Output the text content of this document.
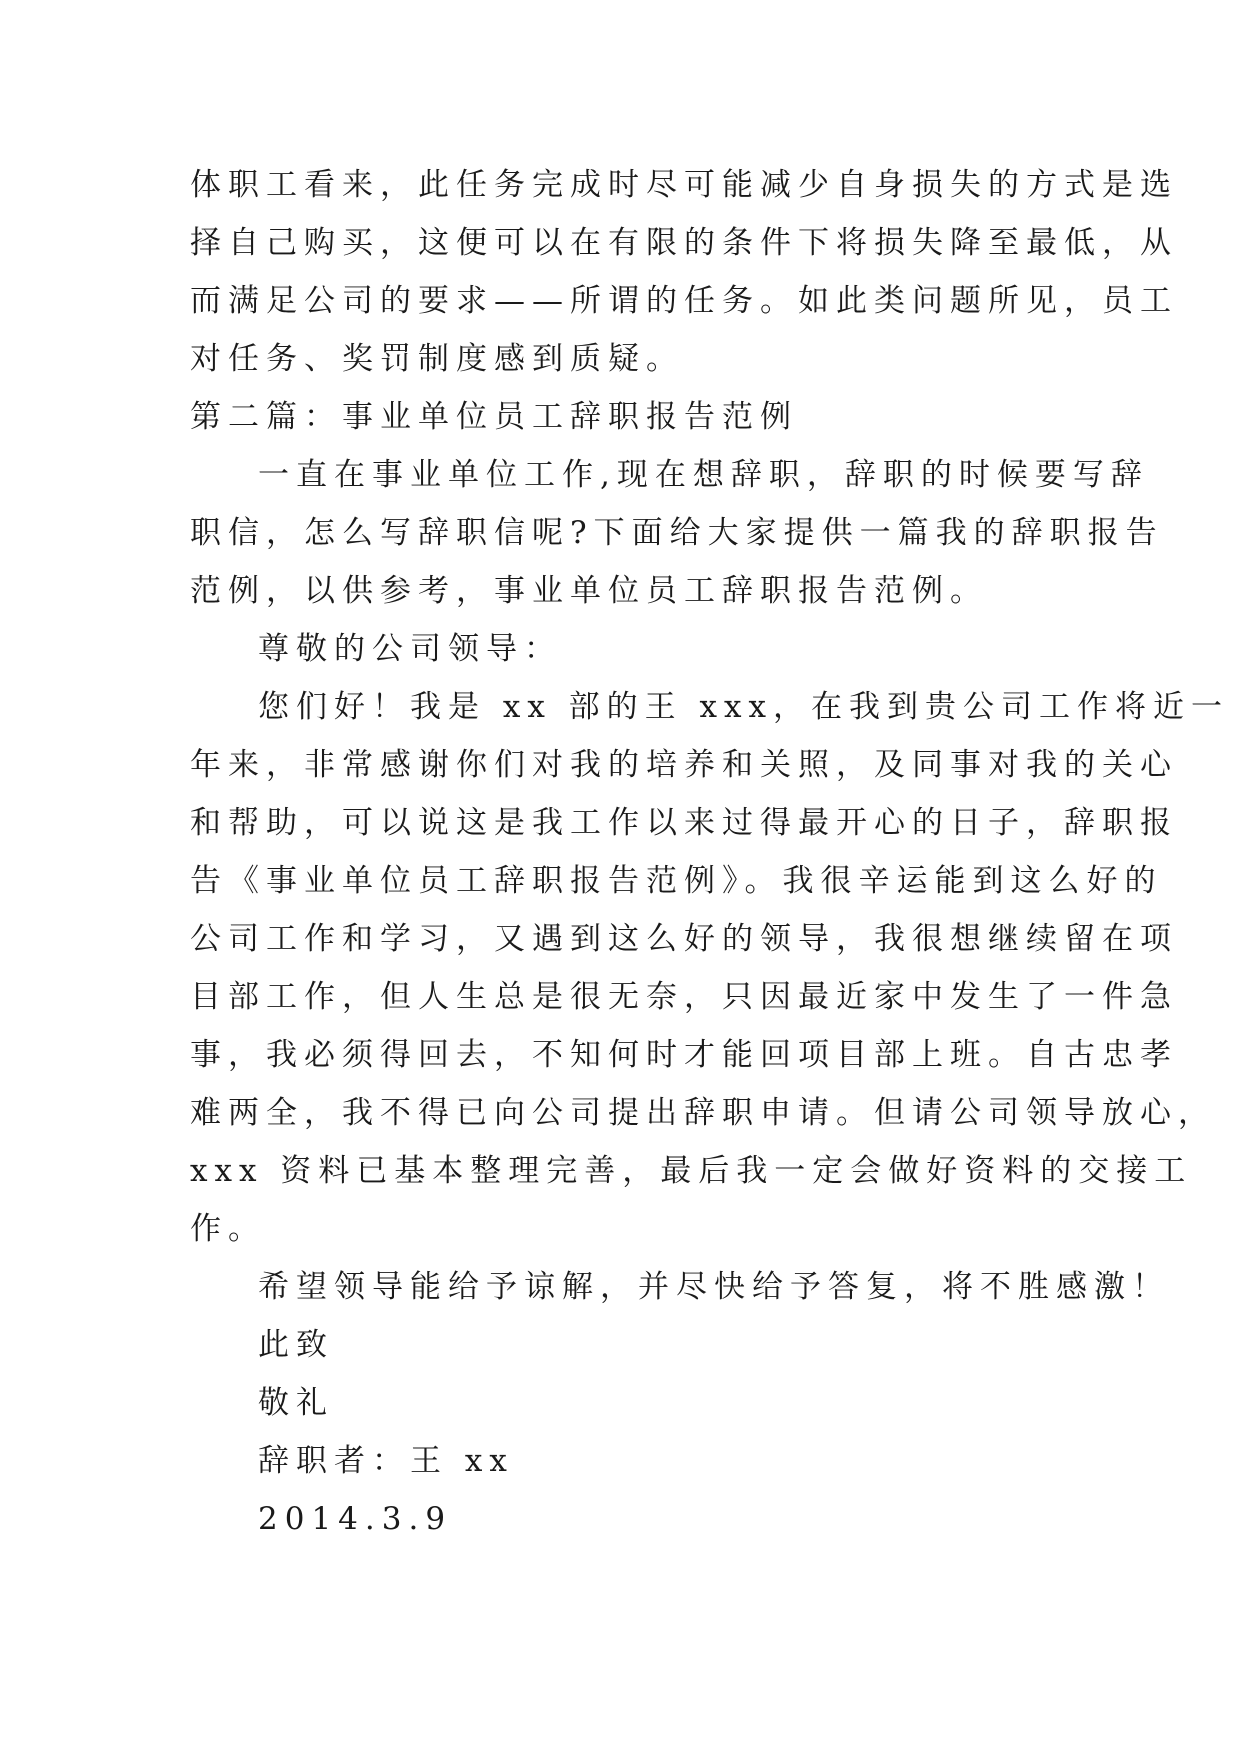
体职工看来，此任务完成时尽可能减少自身损失的方式是选
择自己购买，这便可以在有限的条件下将损失降至最低，从
而满足公司的要求——所谓的任务。如此类问题所见，员工
对任务、奖罚制度感到质疑。
第二篇：事业单位员工辞职报告范例
一直在事业单位工作,现在想辞职，辞职的时候要写辞
职信，怎么写辞职信呢?下面给大家提供一篇我的辞职报告
范例，以供参考，事业单位员工辞职报告范例。
尊敬的公司领导：
您们好！我是 xx 部的王 xxx，在我到贵公司工作将近一
年来，非常感谢你们对我的培养和关照，及同事对我的关心
和帮助，可以说这是我工作以来过得最开心的日子，辞职报
告《事业单位员工辞职报告范例》。我很辛运能到这么好的
公司工作和学习，又遇到这么好的领导，我很想继续留在项
目部工作，但人生总是很无奈，只因最近家中发生了一件急
事，我必须得回去，不知何时才能回项目部上班。自古忠孝
难两全，我不得已向公司提出辞职申请。但请公司领导放心，
xxx 资料已基本整理完善，最后我一定会做好资料的交接工
作。
希望领导能给予谅解，并尽快给予答复，将不胜感激！
此致
敬礼
辞职者：王 xx
2014.3.9
